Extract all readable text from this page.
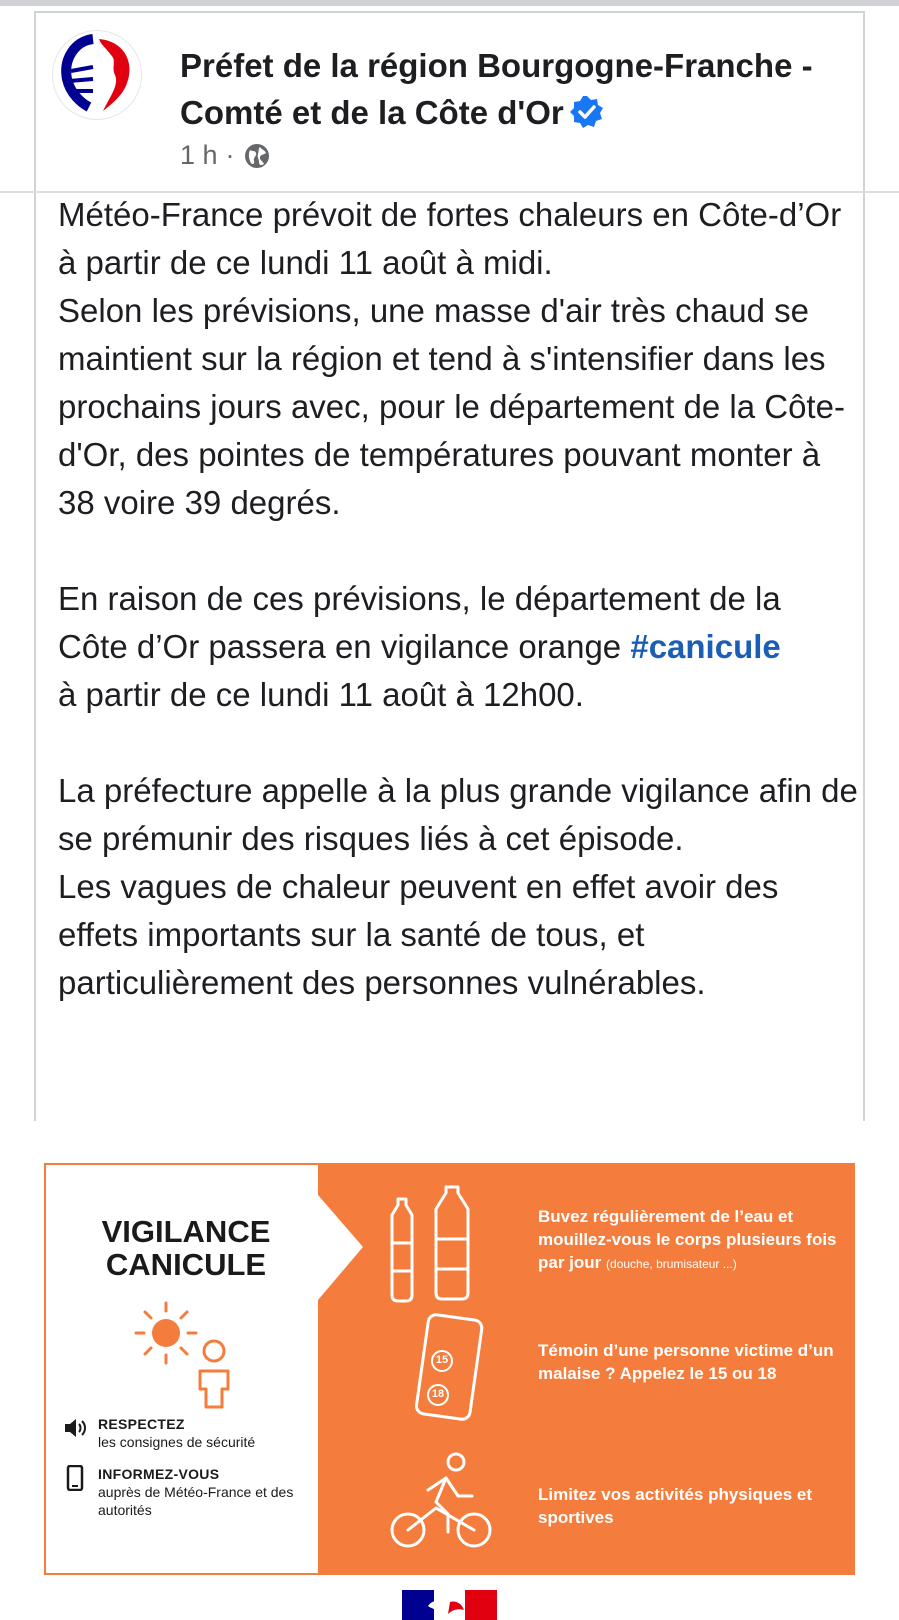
Préfet de la région Bourgogne-Franche -Comté et de la Côte d'Or
1 h ·

Météo-France prévoit de fortes chaleurs en Côte-d’Or à partir de ce lundi 11 août à midi.

Selon les prévisions, une masse d'air très chaud se maintient sur la région et tend à s'intensifier dans les prochains jours avec, pour le département de la Côte-d'Or, des pointes de températures pouvant monter à 38 voire 39 degrés.

En raison de ces prévisions, le département de la Côte d’Or passera en vigilance orange #canicule

à partir de ce lundi 11 août à 12h00.

La préfecture appelle à la plus grande vigilance afin de se prémunir des risques liés à cet épisode.

Les vagues de chaleur peuvent en effet avoir des effets importants sur la santé de tous, et particulièrement des personnes vulnérables.

VIGILANCE
CANICULE
RESPECTEZ
les consignes de sécurité
INFORMEZ-VOUS
auprès de Météo-France et des autorités
Buvez régulièrement de l’eau et mouillez-vous le corps plusieurs fois par jour (douche, brumisateur ...)
15
18
Témoin d’une personne victime d’un malaise ? Appelez le 15 ou 18
Limitez vos activités physiques et sportives
